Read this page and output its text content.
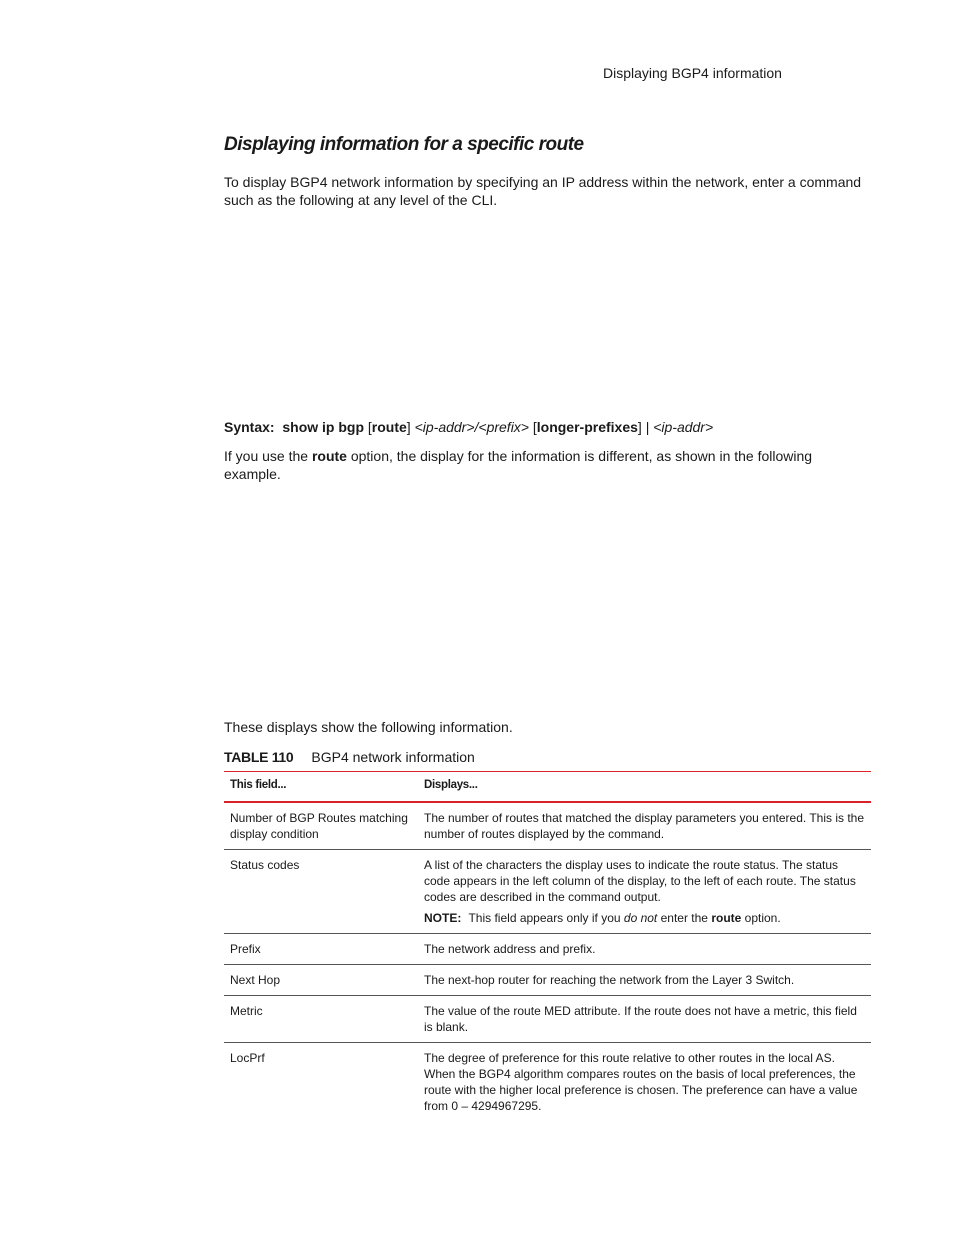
Displaying BGP4 information
Displaying information for a specific route
To display BGP4 network information by specifying an IP address within the network, enter a command such as the following at any level of the CLI.
Syntax: show ip bgp [route] <ip-addr>/<prefix> [longer-prefixes] | <ip-addr>
If you use the route option, the display for the information is different, as shown in the following example.
These displays show the following information.
TABLE 110 BGP4 network information
This field...	Displays...
Number of BGP Routes matching display condition	The number of routes that matched the display parameters you entered. This is the number of routes displayed by the command.
Status codes	A list of the characters the display uses to indicate the route status. The status code appears in the left column of the display, to the left of each route. The status codes are described in the command output.
NOTE: This field appears only if you do not enter the route option.

Prefix	The network address and prefix.
Next Hop	The next-hop router for reaching the network from the Layer 3 Switch.
Metric	The value of the route MED attribute. If the route does not have a metric, this field is blank.
LocPrf	The degree of preference for this route relative to other routes in the local AS. When the BGP4 algorithm compares routes on the basis of local preferences, the route with the higher local preference is chosen. The preference can have a value from 0 – 4294967295.
